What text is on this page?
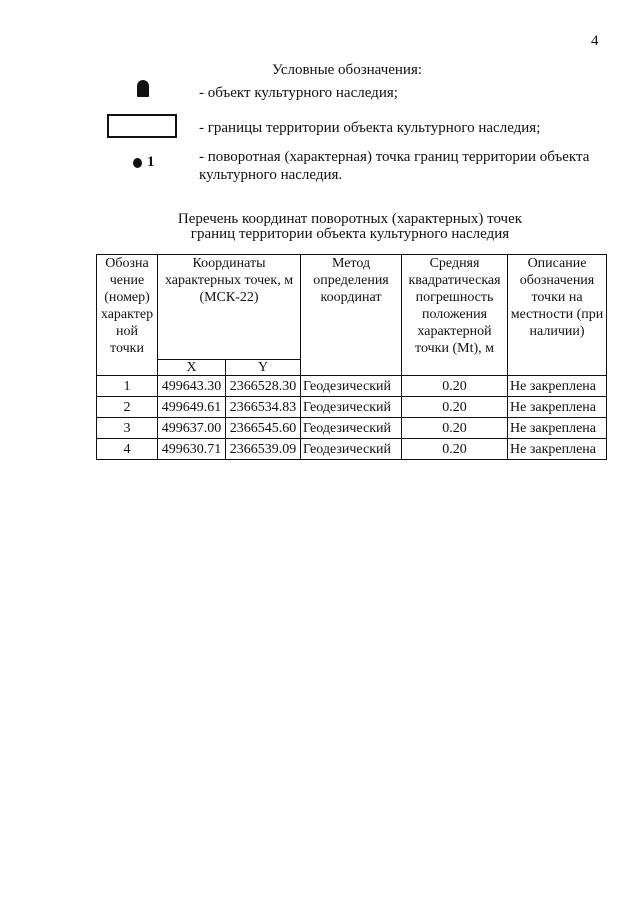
4
Условные обозначения:
- объект культурного наследия;
- границы территории объекта культурного наследия;
1	- поворотная (характерная) точка границ территории объекта культурного наследия.
Перечень координат поворотных (характерных) точек
границ территории объекта культурного наследия
Обозна чение (номер) характер ной точки	Координаты характерных точек, м (МСК-22)		Метод определения координат	Средняя квадратическая погрешность положения характерной точки (Mt), м	Описание обозначения точки на местности (при наличии)
	X	Y			
1	499643.30	2366528.30	Геодезический	0.20	Не закреплена
2	499649.61	2366534.83	Геодезический	0.20	Не закреплена
3	499637.00	2366545.60	Геодезический	0.20	Не закреплена
4	499630.71	2366539.09	Геодезический	0.20	Не закреплена
